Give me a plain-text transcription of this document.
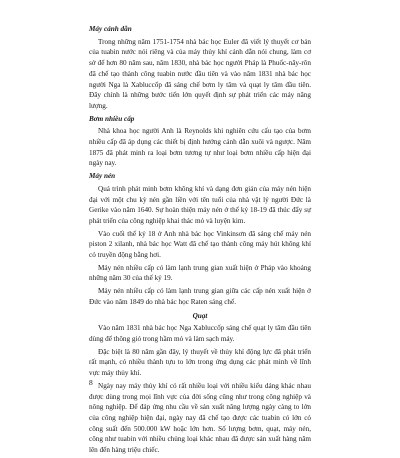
Máy cánh dẫn

Trong những năm 1751-1754 nhà bác học Euler đã viết lý thuyết cơ bản của tuabin nước nói riêng và của máy thủy khí cánh dẫn nói chung, làm cơ sở để hơn 80 năm sau, năm 1830, nhà bác học người Pháp là Phuốc-nây-rôn đã chế tạo thành công tuabin nước đầu tiên và vào năm 1831 nhà bác học người Nga là Xabluccốp đã sáng chế bơm ly tâm và quạt ly tâm đầu tiên. Đây chính là những bước tiến lớn quyết định sự phát triển các máy năng lượng.

Bơm nhiều cấp

Nhà khoa học người Anh là Reynolds khi nghiên cứu cấu tạo của bơm nhiều cấp đã áp dụng các thiết bị định hướng cánh dẫn xuôi và ngược. Năm 1875 đã phát minh ra loại bơm tương tự như loại bơm nhiều cấp hiện đại ngày nay.

Máy nén

Quá trình phát minh bơm không khí và dạng đơn giản của máy nén hiện đại với một chu kỳ nén gần liền với tên tuổi của nhà vật lý người Đức là Gerike vào năm 1640. Sự hoàn thiện máy nén ở thế kỷ 18-19 đã thúc đẩy sự phát triển của công nghiệp khai thác mỏ và luyện kim.

Vào cuối thế kỷ 18 ở Anh nhà bác học Vinkinsơn đã sáng chế máy nén piston 2 xilanh, nhà bác học Watt đã chế tạo thành công máy hút không khí có truyền động bằng hơi.

Máy nén nhiều cấp có làm lạnh trung gian xuất hiện ở Pháp vào khoảng những năm 30 của thế kỷ 19.

Máy nén nhiều cấp có làm lạnh trung gian giữa các cấp nén xuất hiện ở Đức vào năm 1849 do nhà bác học Raten sáng chế.

Quạt

Vào năm 1831 nhà bác học Nga Xabluccốp sáng chế quạt ly tâm đầu tiên dùng để thông gió trong hầm mỏ và làm sạch máy.

Đặc biệt là 80 năm gần đây, lý thuyết về thủy khí động lực đã phát triển rất mạnh, có nhiều thành tựu to lớn trong ứng dụng các phát minh về lĩnh vực máy thủy khí.

Ngày nay máy thủy khí có rất nhiều loại với nhiều kiểu dáng khác nhau được dùng trong mọi lĩnh vực của đời sống cũng như trong công nghiệp và nông nghiệp. Để đáp ứng nhu cầu về sản xuất năng lượng ngày càng to lớn của công nghiệp hiện đại, ngày nay đã chế tạo được các tuabin có lớn có công suất đến 500.000 kW hoặc lớn hơn. Số lượng bơm, quạt, máy nén, công như tuabin với nhiều chủng loại khác nhau đã được sản xuất hàng năm lên đến hàng triệu chiếc.

8
